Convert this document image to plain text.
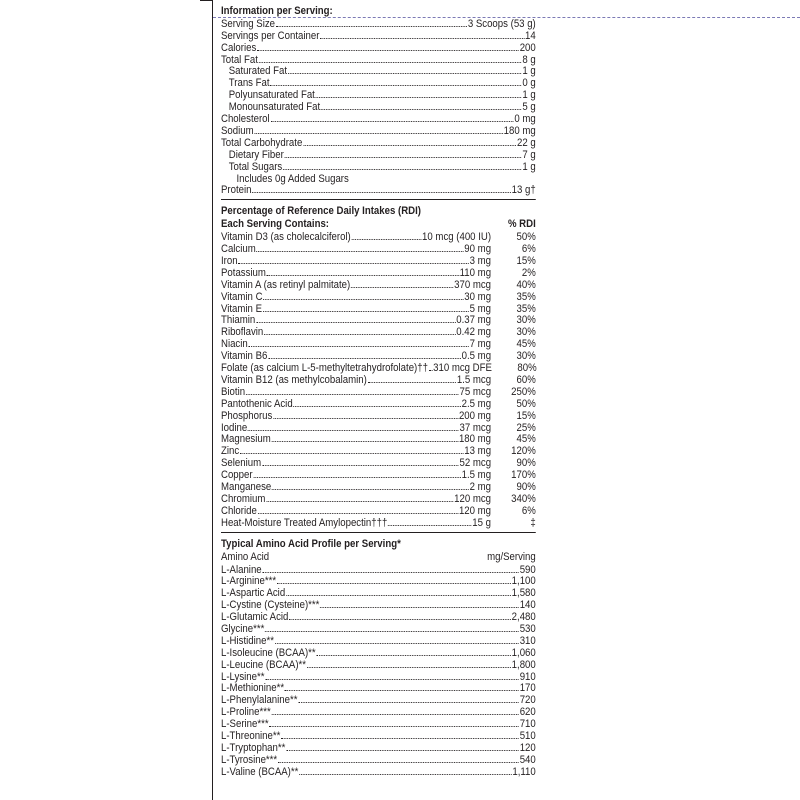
Information per Serving:
Serving Size	3 Scoops (53 g)
Servings per Container	14
Calories	200
Total Fat	8 g
Saturated Fat	1 g
Trans Fat	0 g
Polyunsaturated Fat	1 g
Monounsaturated Fat	5 g
Cholesterol	0 mg
Sodium	180 mg
Total Carbohydrate	22 g
Dietary Fiber	7 g
Total Sugars	1 g
Includes 0g Added Sugars
Protein	13 g†
Percentage of Reference Daily Intakes (RDI)
Each Serving Contains:	% RDI
Vitamin D3 (as cholecalciferol)	10 mcg (400 IU)	50%
Calcium	90 mg	6%
Iron	3 mg	15%
Potassium	110 mg	2%
Vitamin A (as retinyl palmitate)	370 mcg	40%
Vitamin C	30 mg	35%
Vitamin E	5 mg	35%
Thiamin	0.37 mg	30%
Riboflavin	0.42 mg	30%
Niacin	7 mg	45%
Vitamin B6	0.5 mg	30%
Folate (as calcium L-5-methyltetrahydrofolate)†† 310 mcg DFE	80%
Vitamin B12 (as methylcobalamin)	1.5 mcg	60%
Biotin	75 mcg	250%
Pantothenic Acid	2.5 mg	50%
Phosphorus	200 mg	15%
Iodine	37 mcg	25%
Magnesium	180 mg	45%
Zinc	13 mg	120%
Selenium	52 mcg	90%
Copper	1.5 mg	170%
Manganese	2 mg	90%
Chromium	120 mcg	340%
Chloride	120 mg	6%
Heat-Moisture Treated Amylopectin†††	15 g	‡
Typical Amino Acid Profile per Serving*
Amino Acid	mg/Serving
L-Alanine	590
L-Arginine***	1,100
L-Aspartic Acid	1,580
L-Cystine (Cysteine)***	140
L-Glutamic Acid	2,480
Glycine***	530
L-Histidine**	310
L-Isoleucine (BCAA)**	1,060
L-Leucine (BCAA)**	1,800
L-Lysine**	910
L-Methionine**	170
L-Phenylalanine**	720
L-Proline***	620
L-Serine***	710
L-Threonine**	510
L-Tryptophan**	120
L-Tyrosine***	540
L-Valine (BCAA)**	1,110
